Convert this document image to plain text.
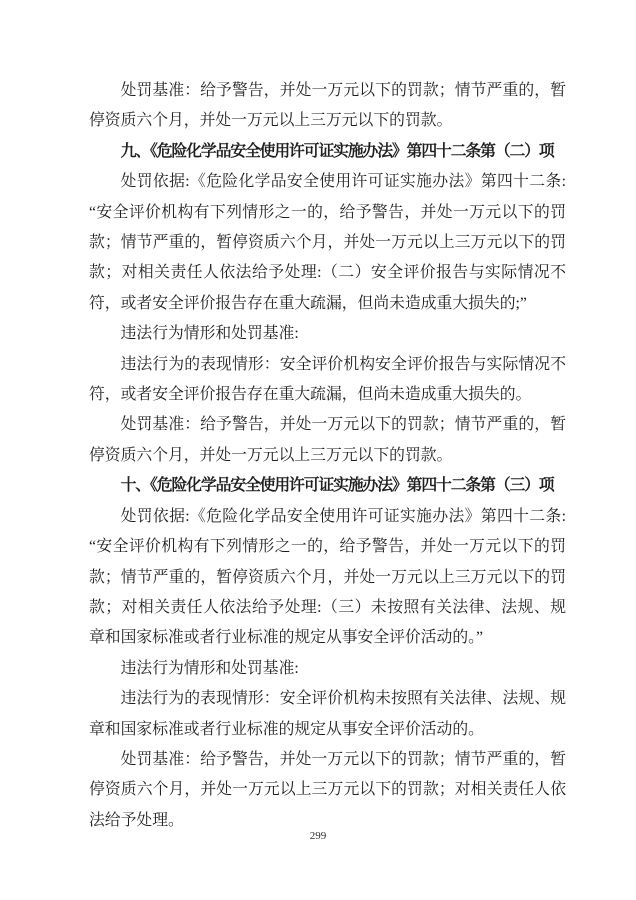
处罚基准：给予警告，并处一万元以下的罚款；情节严重的，暂停资质六个月，并处一万元以上三万元以下的罚款。

九、《危险化学品安全使用许可证实施办法》第四十二条第（二）项

处罚依据:《危险化学品安全使用许可证实施办法》第四十二条:“安全评价机构有下列情形之一的，给予警告，并处一万元以下的罚款；情节严重的，暂停资质六个月，并处一万元以上三万元以下的罚款；对相关责任人依法给予处理:（二）安全评价报告与实际情况不符，或者安全评价报告存在重大疏漏，但尚未造成重大损失的;”

违法行为情形和处罚基准:

违法行为的表现情形：安全评价机构安全评价报告与实际情况不符，或者安全评价报告存在重大疏漏，但尚未造成重大损失的。

处罚基准：给予警告，并处一万元以下的罚款；情节严重的，暂停资质六个月，并处一万元以上三万元以下的罚款。

十、《危险化学品安全使用许可证实施办法》第四十二条第（三）项

处罚依据:《危险化学品安全使用许可证实施办法》第四十二条:“安全评价机构有下列情形之一的，给予警告，并处一万元以下的罚款；情节严重的，暂停资质六个月，并处一万元以上三万元以下的罚款；对相关责任人依法给予处理:（三）未按照有关法律、法规、规章和国家标准或者行业标准的规定从事安全评价活动的。”

违法行为情形和处罚基准:

违法行为的表现情形：安全评价机构未按照有关法律、法规、规章和国家标准或者行业标准的规定从事安全评价活动的。

处罚基准：给予警告，并处一万元以下的罚款；情节严重的，暂停资质六个月，并处一万元以上三万元以下的罚款；对相关责任人依法给予处理。

299
